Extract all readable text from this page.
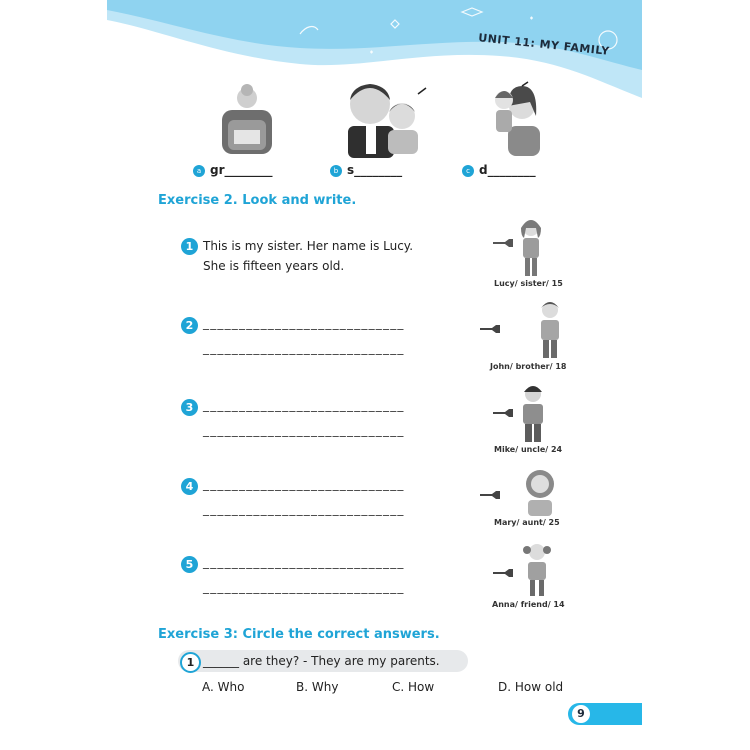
UNIT 11: MY FAMILY
a gr________	b s________	c d________
Exercise 2. Look and write.
1 This is my sister. Her name is Lucy.
She is fifteen years old.
2 ____________________________
____________________________
3 ____________________________
____________________________
4 ____________________________
____________________________
5 ____________________________
____________________________
Lucy/ sister/ 15
John/ brother/ 18
Mike/ uncle/ 24
Mary/ aunt/ 25
Anna/ friend/ 14
Exercise 3: Circle the correct answers.
1 ______ are they? - They are my parents.
A. Who	B. Why	C. How	D. How old
9
